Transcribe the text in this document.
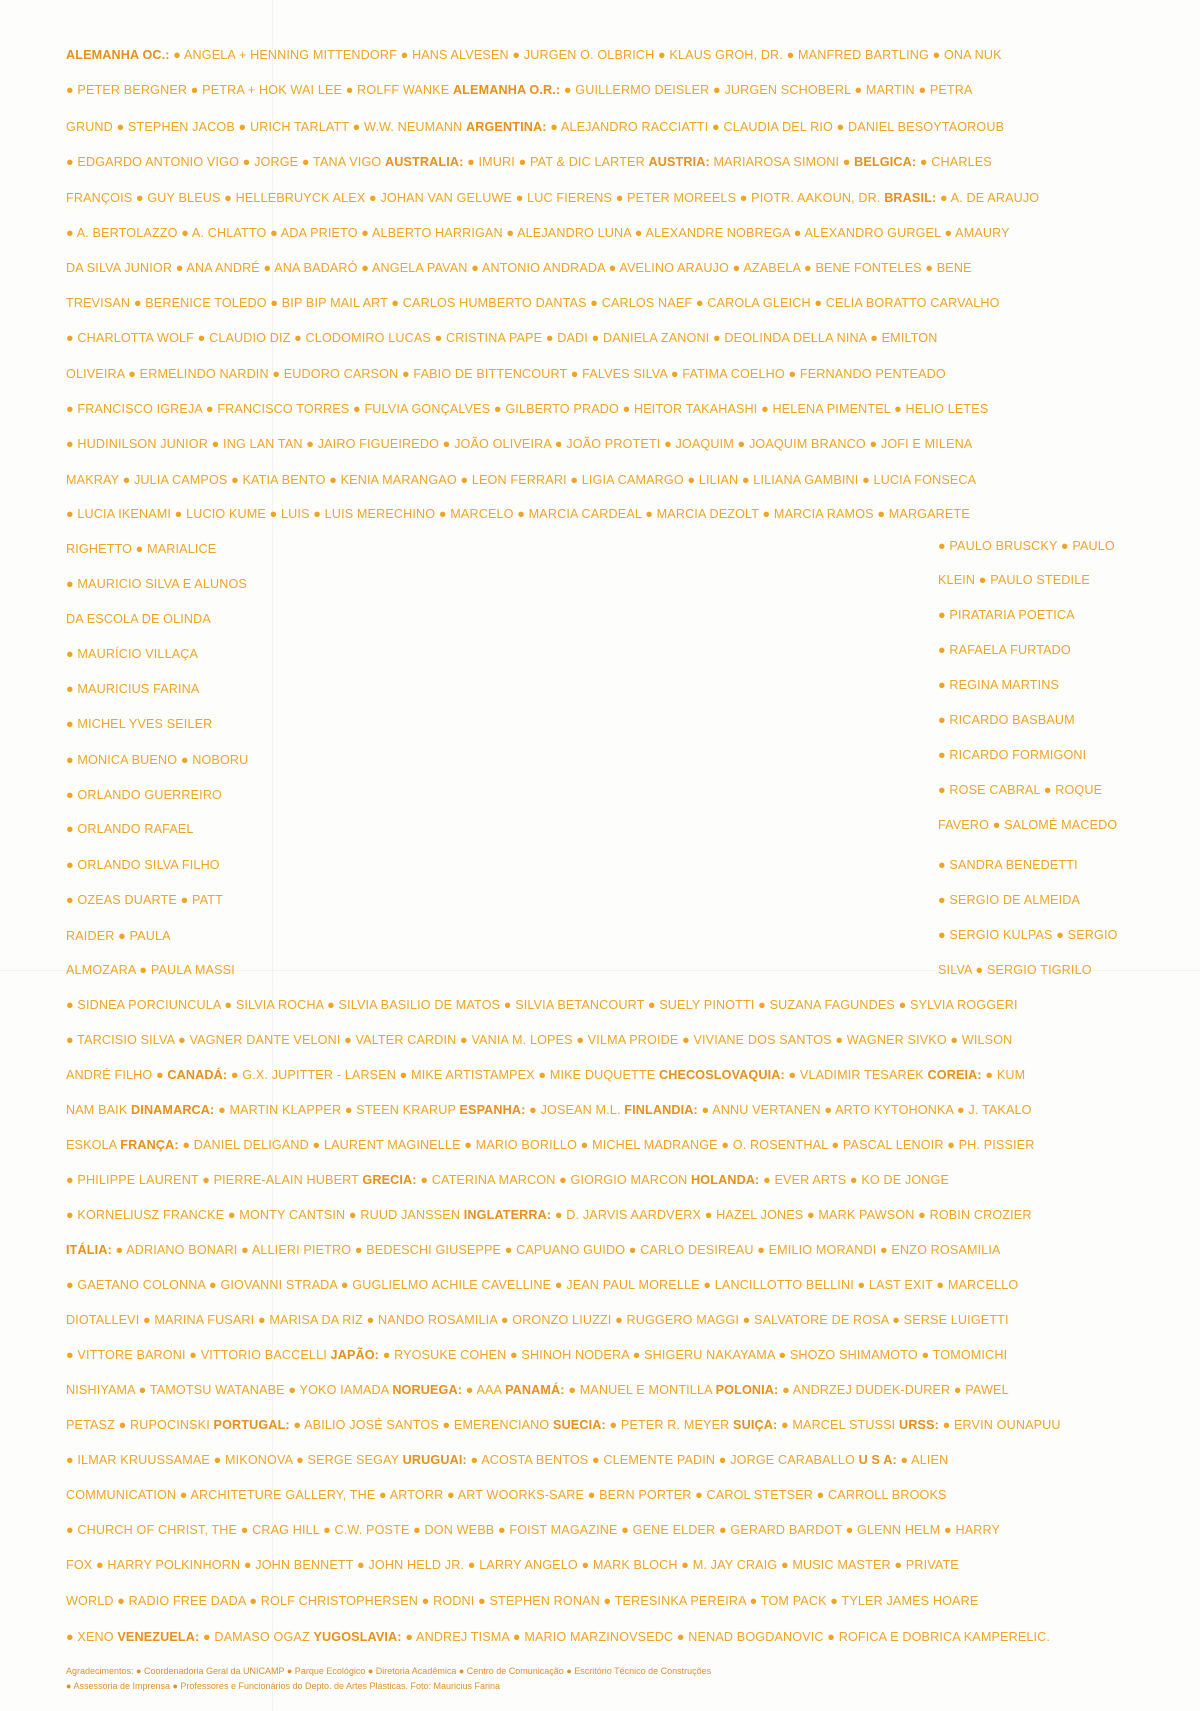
ALEMANHA OC.: ● ANGELA + HENNING MITTENDORF ● HANS ALVESEN ● JURGEN O. OLBRICH ● KLAUS GROH, DR. ● MANFRED BARTLING ● ONA NUK
● PETER BERGNER ● PETRA + HOK WAI LEE ● ROLFF WANKE ALEMANHA O.R.: ● GUILLERMO DEISLER ● JURGEN SCHOBERL ● MARTIN ● PETRA
GRUND ● STEPHEN JACOB ● URICH TARLATT ● W.W. NEUMANN ARGENTINA: ● ALEJANDRO RACCIATTI ● CLAUDIA DEL RIO ● DANIEL BESOYTAOROUB
● EDGARDO ANTONIO VIGO ● JORGE ● TANA VIGO AUSTRALIA: ● IMURI ● PAT & DIC LARTER AUSTRIA: MARIAROSA SIMONI ● BELGICA: ● CHARLES
FRANÇOIS ● GUY BLEUS ● HELLEBRUYCK ALEX ● JOHAN VAN GELUWE ● LUC FIERENS ● PETER MOREELS ● PIOTR. AAKOUN, DR. BRASIL: ● A. DE ARAUJO
● A. BERTOLAZZO ● A. CHLATTO ● ADA PRIETO ● ALBERTO HARRIGAN ● ALEJANDRO LUNA ● ALEXANDRE NOBREGA ● ALEXANDRO GURGEL ● AMAURY
DA SILVA JUNIOR ● ANA ANDRÉ ● ANA BADARÓ ● ANGELA PAVAN ● ANTONIO ANDRADA ● AVELINO ARAUJO ● AZABELA ● BENE FONTELES ● BENE
TREVISAN ● BERENICE TOLEDO ● BIP BIP MAIL ART ● CARLOS HUMBERTO DANTAS ● CARLOS NAEF ● CAROLA GLEICH ● CELIA BORATTO CARVALHO
● CHARLOTTA WOLF ● CLAUDIO DIZ ● CLODOMIRO LUCAS ● CRISTINA PAPE ● DADI ● DANIELA ZANONI ● DEOLINDA DELLA NINA ● EMILTON
OLIVEIRA ● ERMELINDO NARDIN ● EUDORO CARSON ● FABIO DE BITTENCOURT ● FALVES SILVA ● FATIMA COELHO ● FERNANDO PENTEADO
● FRANCISCO IGREJA ● FRANCISCO TORRES ● FULVIA GONÇALVES ● GILBERTO PRADO ● HEITOR TAKAHASHI ● HELENA PIMENTEL ● HELIO LETES
● HUDINILSON JUNIOR ● ING LAN TAN ● JAIRO FIGUEIREDO ● JOÃO OLIVEIRA ● JOÃO PROTETI ● JOAQUIM ● JOAQUIM BRANCO ● JOFI E MILENA
MAKRAY ● JULIA CAMPOS ● KATIA BENTO ● KENIA MARANGAO ● LEON FERRARI ● LIGIA CAMARGO ● LILIAN ● LILIANA GAMBINI ● LUCIA FONSECA
● LUCIA IKENAMI ● LUCIO KUME ● LUIS ● LUIS MERECHINO ● MARCELO ● MARCIA CARDEAL ● MARCIA DEZOLT ● MARCIA RAMOS ● MARGARETE
RIGHETTO ● MARIALICE
● MAURICIO SILVA E ALUNOS
DA ESCOLA DE OLINDA
● MAURÍCIO VILLAÇA
● MAURICIUS FARINA
● MICHEL YVES SEILER
● MONICA BUENO ● NOBORU
● ORLANDO GUERREIRO
● ORLANDO RAFAEL
● ORLANDO SILVA FILHO
● OZEAS DUARTE ● PATT
RAIDER ● PAULA
ALMOZARA ● PAULA MASSI
● PAULO BRUSCKY ● PAULO
KLEIN ● PAULO STEDILE
● PIRATARIA POETICA
● RAFAELA FURTADO
● REGINA MARTINS
● RICARDO BASBAUM
● RICARDO FORMIGONI
● ROSE CABRAL ● ROQUE
FAVERO ● SALOMÉ MACEDO
● SANDRA BENEDETTI
● SERGIO DE ALMEIDA
● SERGIO KULPAS ● SERGIO
SILVA ● SERGIO TIGRILO
● SIDNEA PORCIUNCULA ● SILVIA ROCHA ● SILVIA BASILIO DE MATOS ● SILVIA BETANCOURT ● SUELY PINOTTI ● SUZANA FAGUNDES ● SYLVIA ROGGERI
● TARCISIO SILVA ● VAGNER DANTE VELONI ● VALTER CARDIN ● VANIA M. LOPES ● VILMA PROIDE ● VIVIANE DOS SANTOS ● WAGNER SIVKO ● WILSON
ANDRÉ FILHO ● CANADÁ: ● G.X. JUPITTER - LARSEN ● MIKE ARTISTAMPEX ● MIKE DUQUETTE CHECOSLOVAQUIA: ● VLADIMIR TESAREK COREIA: ● KUM
NAM BAIK DINAMARCA: ● MARTIN KLAPPER ● STEEN KRARUP ESPANHA: ● JOSEAN M.L. FINLANDIA: ● ANNU VERTANEN ● ARTO KYTOHONKA ● J. TAKALO
ESKOLA FRANÇA: ● DANIEL DELIGAND ● LAURENT MAGINELLE ● MARIO BORILLO ● MICHEL MADRANGE ● O. ROSENTHAL ● PASCAL LENOIR ● PH. PISSIER
● PHILIPPE LAURENT ● PIERRE-ALAIN HUBERT GRECIA: ● CATERINA MARCON ● GIORGIO MARCON HOLANDA: ● EVER ARTS ● KO DE JONGE
● KORNELIUSZ FRANCKE ● MONTY CANTSIN ● RUUD JANSSEN INGLATERRA: ● D. JARVIS AARDVERX ● HAZEL JONES ● MARK PAWSON ● ROBIN CROZIER
ITÁLIA: ● ADRIANO BONARI ● ALLIERI PIETRO ● BEDESCHI GIUSEPPE ● CAPUANO GUIDO ● CARLO DESIREAU ● EMILIO MORANDI ● ENZO ROSAMILIA
● GAETANO COLONNA ● GIOVANNI STRADA ● GUGLIELMO ACHILE CAVELLINE ● JEAN PAUL MORELLE ● LANCILLOTTO BELLINI ● LAST EXIT ● MARCELLO
DIOTALLEVI ● MARINA FUSARI ● MARISA DA RIZ ● NANDO ROSAMILIA ● ORONZO LIUZZI ● RUGGERO MAGGI ● SALVATORE DE ROSA ● SERSE LUIGETTI
● VITTORE BARONI ● VITTORIO BACCELLI JAPÃO: ● RYOSUKE COHEN ● SHINOH NODERA ● SHIGERU NAKAYAMA ● SHOZO SHIMAMOTO ● TOMOMICHI
NISHIYAMA ● TAMOTSU WATANABE ● YOKO IAMADA NORUEGA: ● AAA PANAMÁ: ● MANUEL E MONTILLA POLONIA: ● ANDRZEJ DUDEK-DURER ● PAWEL
PETASZ ● RUPOCINSKI PORTUGAL: ● ABILIO JOSÉ SANTOS ● EMERENCIANO SUECIA: ● PETER R. MEYER SUIÇA: ● MARCEL STUSSI URSS: ● ERVIN OUNAPUU
● ILMAR KRUUSSAMAE ● MIKONOVA ● SERGE SEGAY URUGUAI: ● ACOSTA BENTOS ● CLEMENTE PADIN ● JORGE CARABALLO U S A: ● ALIEN
COMMUNICATION ● ARCHITETURE GALLERY, THE ● ARTORR ● ART WOORKS-SARE ● BERN PORTER ● CAROL STETSER ● CARROLL BROOKS
● CHURCH OF CHRIST, THE ● CRAG HILL ● C.W. POSTE ● DON WEBB ● FOIST MAGAZINE ● GENE ELDER ● GERARD BARDOT ● GLENN HELM ● HARRY
FOX ● HARRY POLKINHORN ● JOHN BENNETT ● JOHN HELD JR. ● LARRY ANGELO ● MARK BLOCH ● M. JAY CRAIG ● MUSIC MASTER ● PRIVATE
WORLD ● RADIO FREE DADA ● ROLF CHRISTOPHERSEN ● RODNI ● STEPHEN RONAN ● TERESINKA PEREIRA ● TOM PACK ● TYLER JAMES HOARE
● XENO VENEZUELA: ● DAMASO OGAZ YUGOSLAVIA: ● ANDREJ TISMA ● MARIO MARZINOVSEDC ● NENAD BOGDANOVIC ● ROFICA E DOBRICA KAMPERELIC.
Agradecimentos: ● Coordenadoria Geral da UNICAMP ● Parque Ecológico ● Diretoria Acadêmica ● Centro de Comunicação ● Escritório Técnico de Construções
● Assessoria de Imprensa ● Professores e Funcionários do Depto. de Artes Plásticas. Foto: Mauricius Farina
